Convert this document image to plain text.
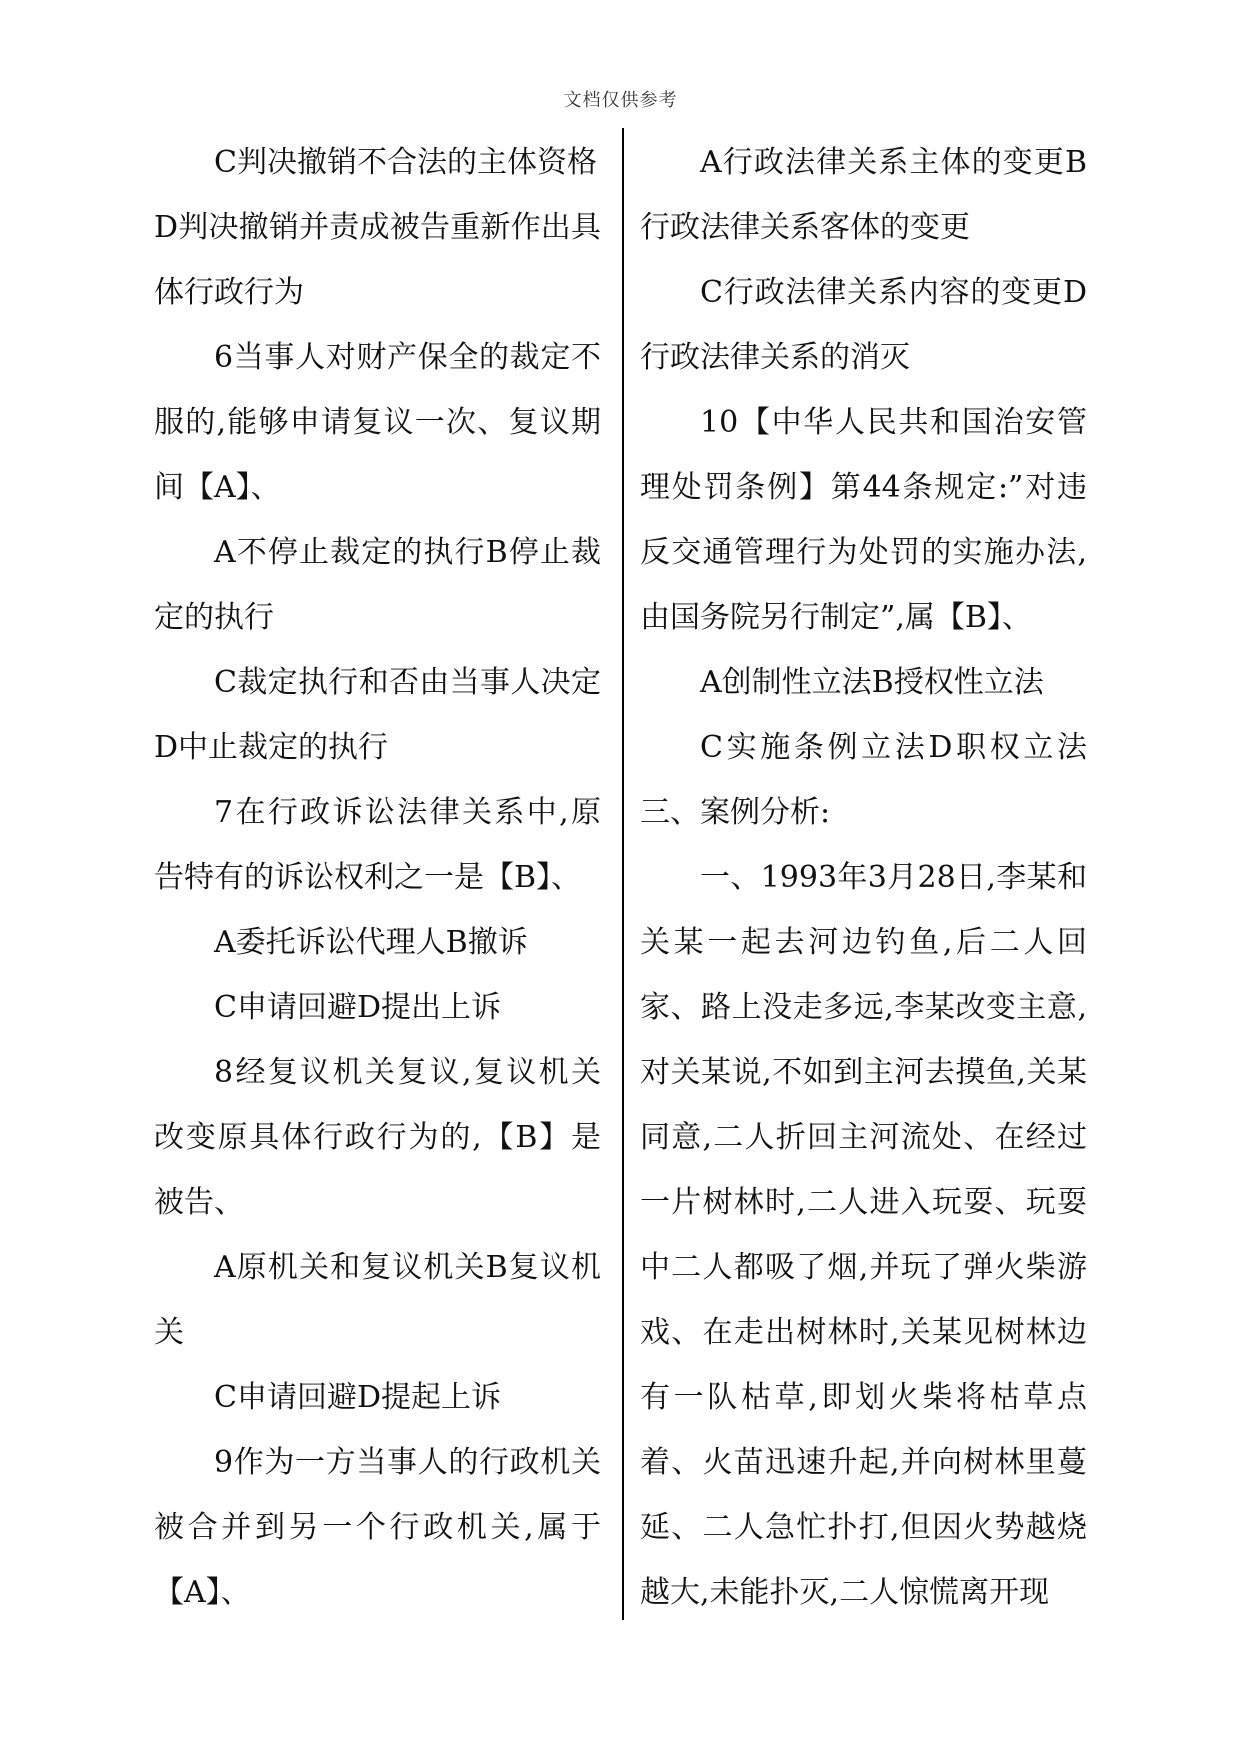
文档仅供参考

C判决撤销不合法的主体资格

D判决撤销并责成被告重新作出具体行政行为

6当事人对财产保全的裁定不服的,能够申请复议一次、复议期间【A】、

A不停止裁定的执行B停止裁定的执行

C裁定执行和否由当事人决定D中止裁定的执行

7在行政诉讼法律关系中,原告特有的诉讼权利之一是【B】、

A委托诉讼代理人B撤诉

C申请回避D提出上诉

8经复议机关复议,复议机关改变原具体行政行为的,【B】是被告、

A原机关和复议机关B复议机关

C申请回避D提起上诉

9作为一方当事人的行政机关被合并到另一个行政机关,属于【A】、

A行政法律关系主体的变更B行政法律关系客体的变更

C行政法律关系内容的变更D行政法律关系的消灭

10【中华人民共和国治安管理处罚条例】第44条规定:”对违反交通管理行为处罚的实施办法,由国务院另行制定”,属【B】、

A创制性立法B授权性立法

C实施条例立法D职权立法三、案例分析:

一、1993年3月28日,李某和关某一起去河边钓鱼,后二人回家、路上没走多远,李某改变主意,对关某说,不如到主河去摸鱼,关某同意,二人折回主河流处、在经过一片树林时,二人进入玩耍、玩耍中二人都吸了烟,并玩了弹火柴游戏、在走出树林时,关某见树林边有一队枯草,即划火柴将枯草点着、火苗迅速升起,并向树林里蔓延、二人急忙扑打,但因火势越烧越大,未能扑灭,二人惊慌离开现
